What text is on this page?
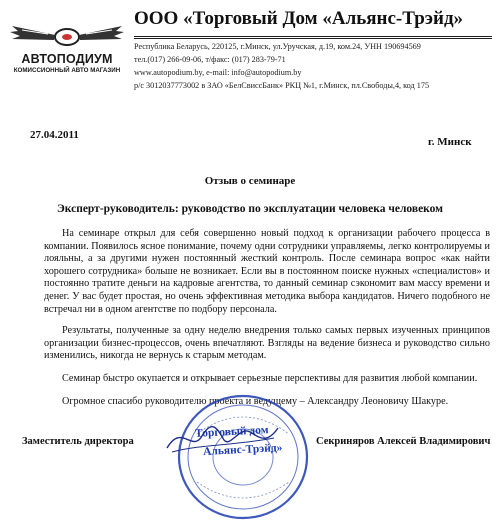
АВТОПОДИУМ
КОМИССИОННЫЙ АВТО МАГАЗИН
ООО «Торговый Дом «Альянс-Трэйд»
Республика Беларусь, 220125, г.Минск, ул.Уручская, д.19, ком.24, УНН 190694569
тел.(017) 266-09-06, т/факс: (017) 283-79-71
www.autopodium.by, e-mail: info@autopodium.by
р/с 3012037773002 в ЗАО «БелСвиссБанк» РКЦ №1, г.Минск, пл.Свободы,4, код 175
27.04.2011
г. Минск
Отзыв о семинаре
Эксперт-руководитель: руководство по эксплуатации человека человеком

На семинаре открыл для себя совершенно новый подход к организации рабочего процесса в компании. Появилось ясное понимание, почему одни сотрудники управляемы, легко контролируемы и лояльны, а за другими нужен постоянный жесткий контроль. После семинара вопрос «как найти хорошего сотрудника» больше не возникает. Если вы в постоянном поиске нужных «специалистов» и постоянно тратите деньги на кадровые агентства, то данный семинар сэкономит вам массу времени и денег. У вас будет простая, но очень эффективная методика выбора кандидатов. Ничего подобного не встречал ни в одном агентстве по подбору персонала.

Результаты, полученные за одну неделю внедрения только самых первых изученных принципов организации бизнес-процессов, очень впечатляют. Взгляды на ведение бизнеса и руководство сильно изменились, никогда не вернусь к старым методам.

Семинар быстро окупается и открывает серьезные перспективы для развития любой компании.

Огромное спасибо руководителю проекта и ведущему – Александру Леоновичу Шакуре.

Торговый дом
Альянс-Трэйд»
Заместитель директора	Секриняров Алексей Владимирович
